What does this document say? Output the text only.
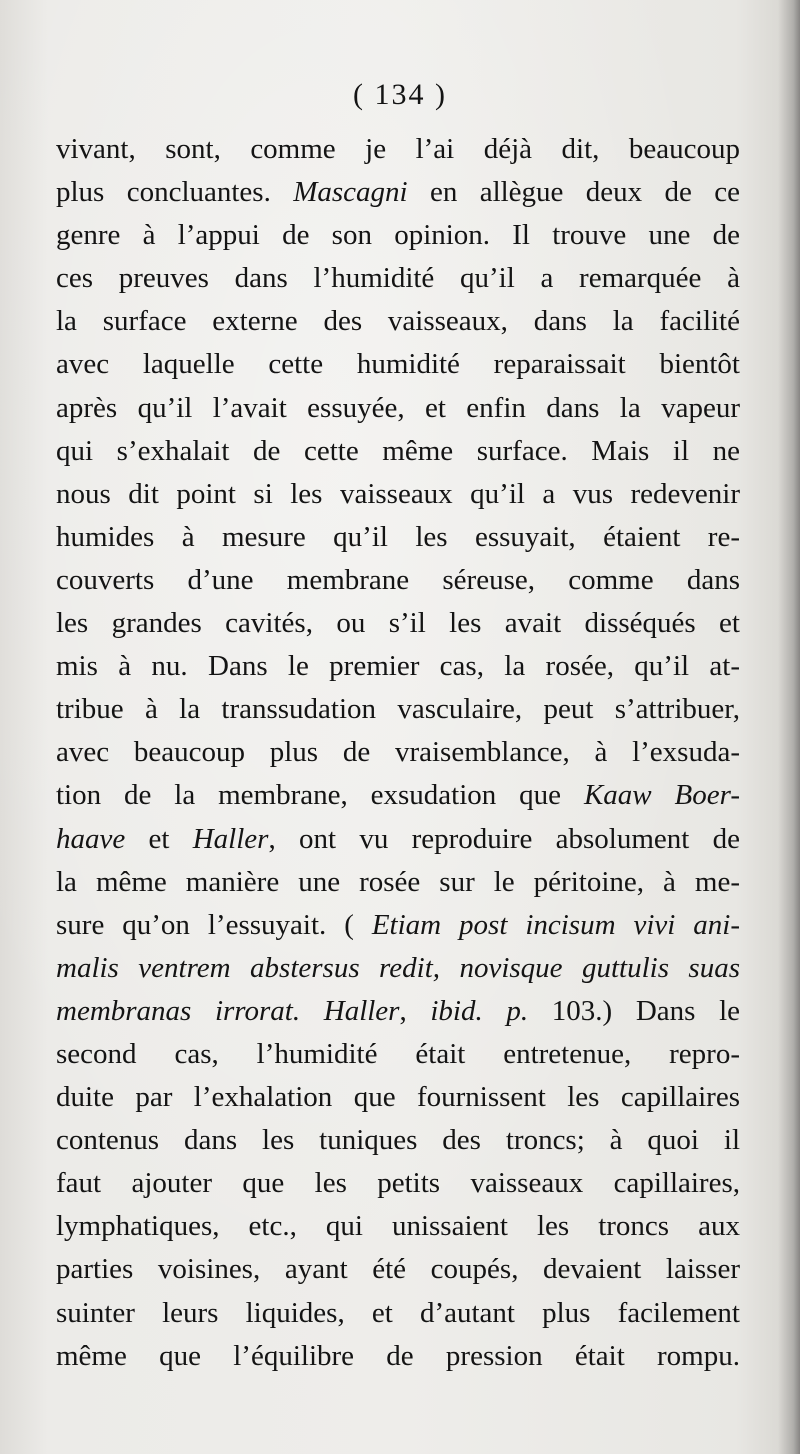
( 134 )
vivant, sont, comme je l’ai déjà dit, beaucoup
plus concluantes. Mascagni en allègue deux de ce
genre à l’appui de son opinion. Il trouve une de
ces preuves dans l’humidité qu’il a remarquée à
la surface externe des vaisseaux, dans la facilité
avec laquelle cette humidité reparaissait bientôt
après qu’il l’avait essuyée, et enfin dans la vapeur
qui s’exhalait de cette même surface. Mais il ne
nous dit point si les vaisseaux qu’il a vus redevenir
humides à mesure qu’il les essuyait, étaient re-
couverts d’une membrane séreuse, comme dans
les grandes cavités, ou s’il les avait disséqués et
mis à nu. Dans le premier cas, la rosée, qu’il at-
tribue à la transsudation vasculaire, peut s’attribuer,
avec beaucoup plus de vraisemblance, à l’exsuda-
tion de la membrane, exsudation que Kaaw Boer-
haave et Haller, ont vu reproduire absolument de
la même manière une rosée sur le péritoine, à me-
sure qu’on l’essuyait. ( Etiam post incisum vivi ani-
malis ventrem abstersus redit, novisque guttulis suas
membranas irrorat. Haller, ibid. p. 103.) Dans le
second cas, l’humidité était entretenue, repro-
duite par l’exhalation que fournissent les capillaires
contenus dans les tuniques des troncs; à quoi il
faut ajouter que les petits vaisseaux capillaires,
lymphatiques, etc., qui unissaient les troncs aux
parties voisines, ayant été coupés, devaient laisser
suinter leurs liquides, et d’autant plus facilement
même que l’équilibre de pression était rompu.
